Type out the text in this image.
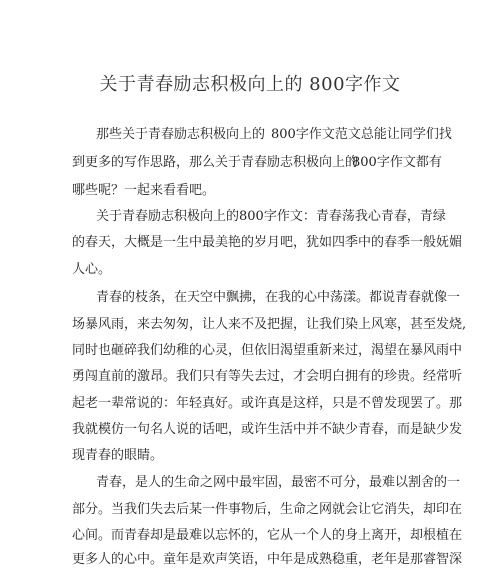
关于青春励志积极向上的 800字作文
那些关于青春励志积极向上的 800字作文范文总能让同学们找
到更多的写作思路，那么关于青春励志积极向上的
800字作文都有
哪些呢？一起来看看吧。
关于青春励志积极向上的800字作文：青春荡我心青春，青绿
的春天，大概是一生中最美艳的岁月吧，犹如四季中的春季一般妩媚
人心。
青春的枝条，在天空中飘拂，在我的心中荡漾。都说青春就像一
场暴风雨，来去匆匆，让人来不及把握，让我们染上风寒，甚至发烧,
同时也砸碎我们幼稚的心灵，但依旧渴望重新来过，渴望在暴风雨中
勇闯直前的激昂。我们只有等失去过，才会明白拥有的珍贵。经常听
起老一辈常说的：年轻真好。或许真是这样，只是不曾发现罢了。那
我就模仿一句名人说的话吧，或许生活中并不缺少青春，而是缺少发
现青春的眼睛。
青春，是人的生命之网中最牢固，最密不可分，最难以割舍的一
部分。当我们失去后某一件事物后，生命之网就会让它消失，却印在
心间。而青春却是最难以忘怀的，它从一个人的身上离开，却根植在
更多人的心中。童年是欢声笑语，中年是成熟稳重，老年是那睿智深
